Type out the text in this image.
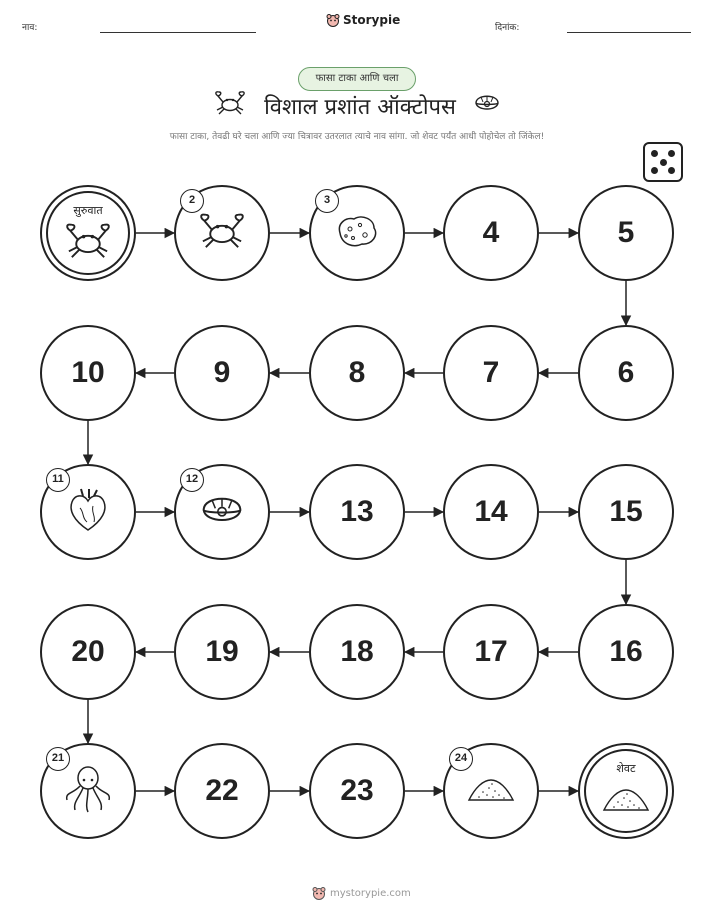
नाव:
Storypie
दिनांक:
फासा टाका आणि चला
विशाल प्रशांत ऑक्टोपस
फासा टाका, तेवढी घरे चला आणि ज्या चित्रावर उतरलात त्याचे नाव सांगा. जो शेवट पर्यंत आधी पोहोचेल तो जिंकेल!
सुरुवात
2	3
4	5
6
7
8
9
10
11	12
13	14	15
16
17
18
19
20
21
22	23
24
शेवट
mystorypie.com
